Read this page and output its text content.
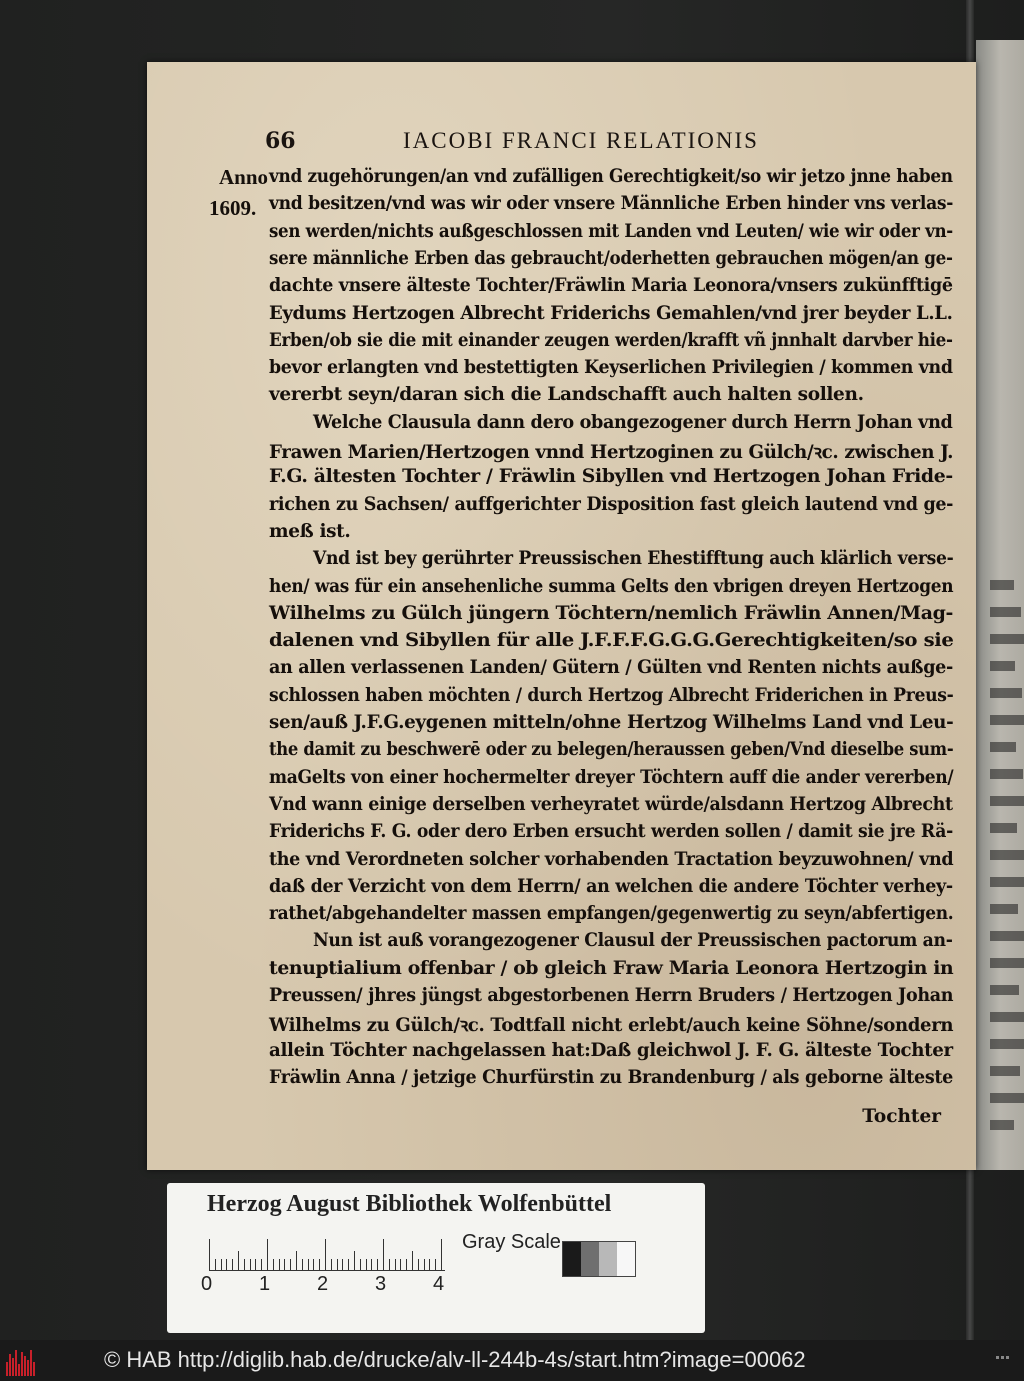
66	IACOBI FRANCI RELATIONIS
Anno
1609.
vnd zugehörungen/an vnd zufälligen Gerechtigkeit/so wir jetzo jnne haben
vnd besitzen/vnd was wir oder vnsere Männliche Erben hinder vns verlas-
sen werden/nichts außgeschlossen mit Landen vnd Leuten/ wie wir oder vn-
sere männliche Erben das gebraucht/oderhetten gebrauchen mögen/an ge-
dachte vnsere älteste Tochter/Fräwlin Maria Leonora/vnsers zukünfftigē
Eydums Hertzogen Albrecht Friderichs Gemahlen/vnd jrer beyder L.L.
Erben/ob sie die mit einander zeugen werden/krafft vñ jnnhalt darvber hie-
bevor erlangten vnd bestettigten Keyserlichen Privilegien / kommen vnd
vererbt seyn/daran sich die Landschafft auch halten sollen.
Welche Clausula dann dero obangezogener durch Herrn Johan vnd
Frawen Marien/Hertzogen vnnd Hertzoginen zu Gülch/ꝛc. zwischen J.
F.G. ältesten Tochter / Fräwlin Sibyllen vnd Hertzogen Johan Fride-
richen zu Sachsen/ auffgerichter Disposition fast gleich lautend vnd ge-
meß ist.
Vnd ist bey gerührter Preussischen Ehestifftung auch klärlich verse-
hen/ was für ein ansehenliche summa Gelts den vbrigen dreyen Hertzogen
Wilhelms zu Gülch jüngern Töchtern/nemlich Fräwlin Annen/Mag-
dalenen vnd Sibyllen für alle J.F.F.F.G.G.G.Gerechtigkeiten/so sie
an allen verlassenen Landen/ Gütern / Gülten vnd Renten nichts außge-
schlossen haben möchten / durch Hertzog Albrecht Friderichen in Preus-
sen/auß J.F.G.eygenen mitteln/ohne Hertzog Wilhelms Land vnd Leu-
the damit zu beschwerē oder zu belegen/heraussen geben/Vnd dieselbe sum-
maGelts von einer hochermelter dreyer Töchtern auff die ander vererben/
Vnd wann einige derselben verheyratet würde/alsdann Hertzog Albrecht
Friderichs F. G. oder dero Erben ersucht werden sollen / damit sie jre Rä-
the vnd Verordneten solcher vorhabenden Tractation beyzuwohnen/ vnd
daß der Verzicht von dem Herrn/ an welchen die andere Töchter verhey-
rathet/abgehandelter massen empfangen/gegenwertig zu seyn/abfertigen.
Nun ist auß vorangezogener Clausul der Preussischen pactorum an-
tenuptialium offenbar / ob gleich Fraw Maria Leonora Hertzogin in
Preussen/ jhres jüngst abgestorbenen Herrn Bruders / Hertzogen Johan
Wilhelms zu Gülch/ꝛc. Todtfall nicht erlebt/auch keine Söhne/sondern
allein Töchter nachgelassen hat:Daß gleichwol J. F. G. älteste Tochter
Fräwlin Anna / jetzige Churfürstin zu Brandenburg / als geborne älteste
Tochter
Herzog August Bibliothek Wolfenbüttel
0 1 2 3 4
Gray Scale
© HAB http://diglib.hab.de/drucke/alv-ll-244b-4s/start.htm?image=00062
